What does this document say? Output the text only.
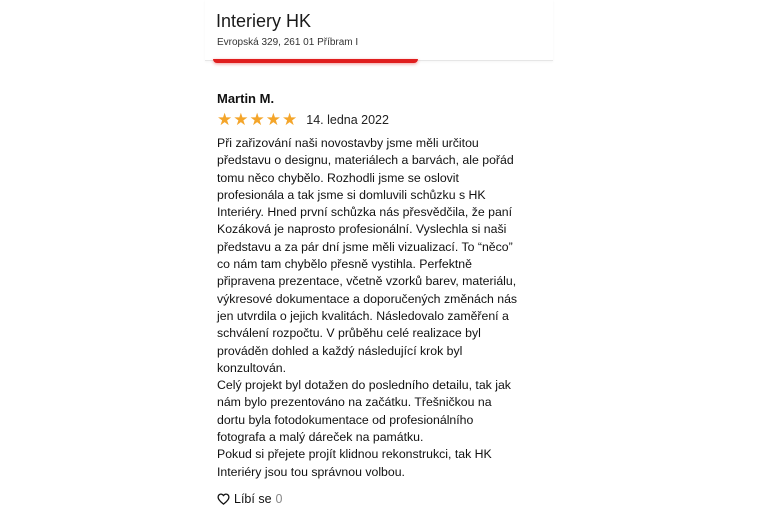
Interiery HK
Evropská 329, 261 01 Příbram I
Martin M.
★ ★ ★ ★ ★ 14. ledna 2022
Při zařizování naši novostavby jsme měli určitou
představu o designu, materiálech a barvách, ale pořád
tomu něco chybělo. Rozhodli jsme se oslovit
profesionála a tak jsme si domluvili schůzku s HK
Interiéry. Hned první schůzka nás přesvědčila, že paní
Kozáková je naprosto profesionální. Vyslechla si naši
představu a za pár dní jsme měli vizualizací. To “něco”
co nám tam chybělo přesně vystihla. Perfektně
připravena prezentace, včetně vzorků barev, materiálu,
výkresové dokumentace a doporučených změnách nás
jen utvrdila o jejich kvalitách. Následovalo zaměření a
schválení rozpočtu. V průběhu celé realizace byl
prováděn dohled a každý následující krok byl
konzultován.
Celý projekt byl dotažen do posledního detailu, tak jak
nám bylo prezentováno na začátku. Třešničkou na
dortu byla fotodokumentace od profesionálního
fotografa a malý dáreček na památku.
Pokud si přejete projít klidnou rekonstrukci, tak HK
Interiéry jsou tou správnou volbou.
Líbí se 0
